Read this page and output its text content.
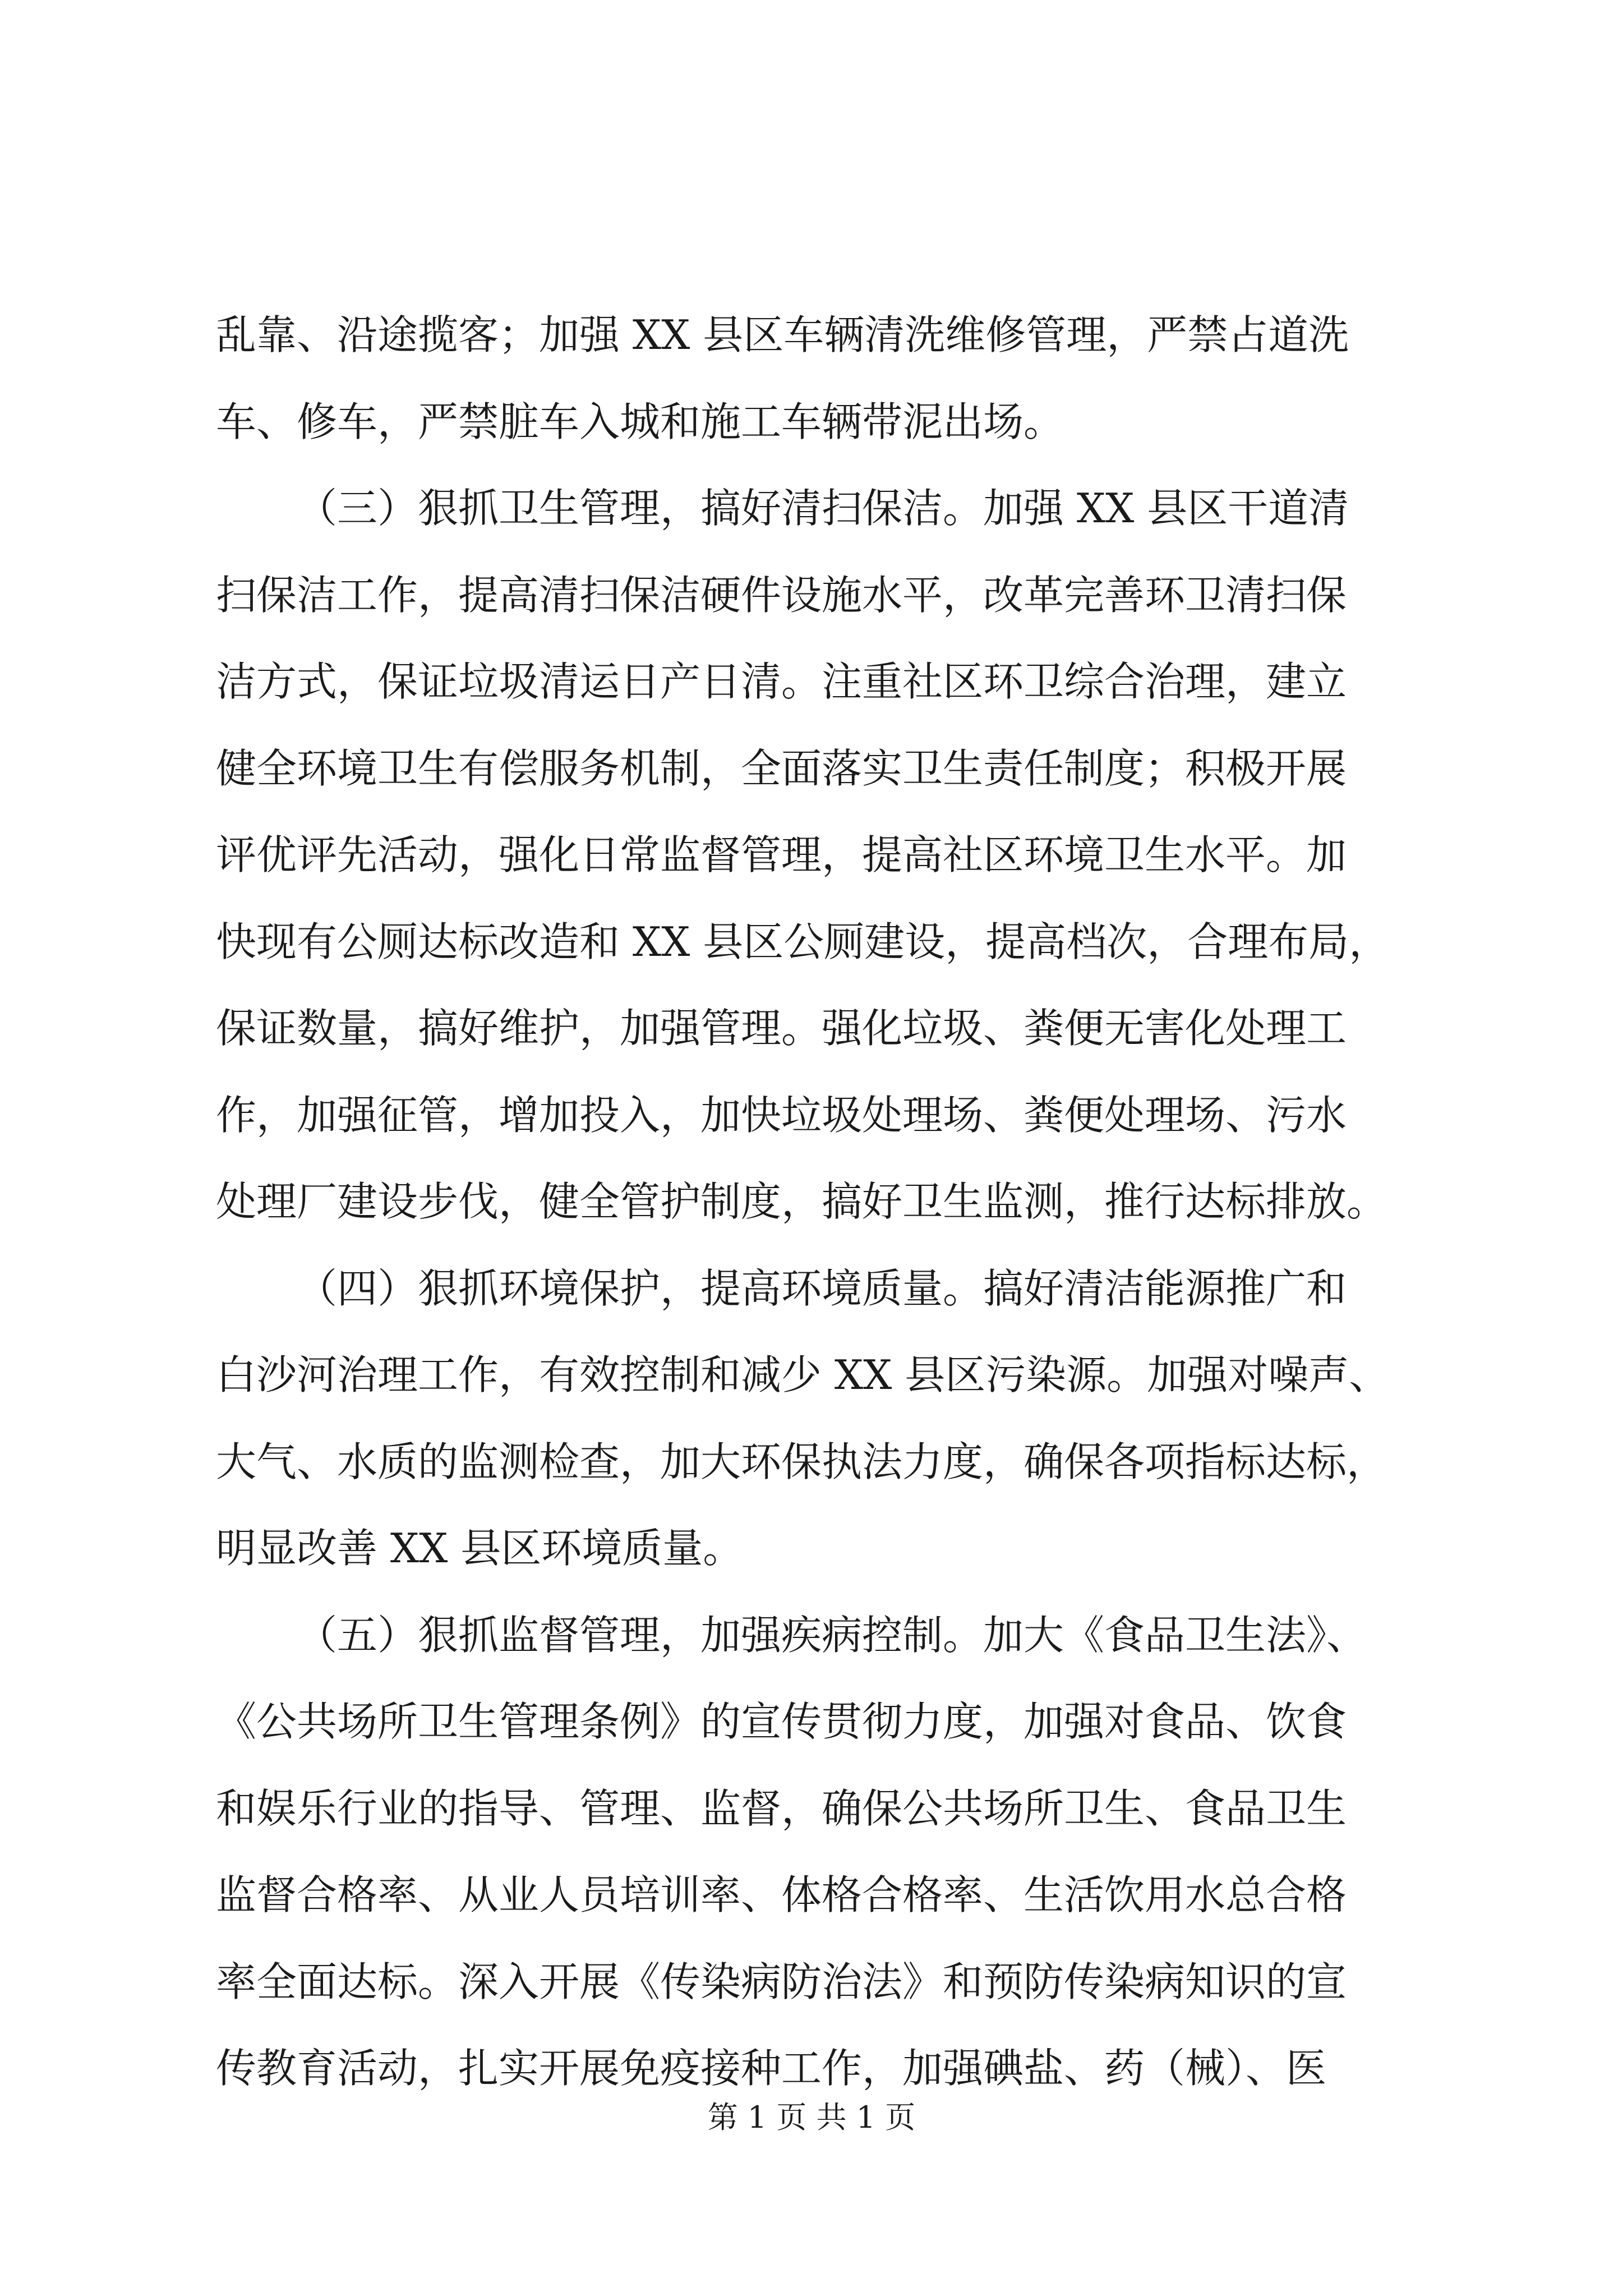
乱靠、沿途揽客；加强 XX 县区车辆清洗维修管理，严禁占道洗
车、修车，严禁脏车入城和施工车辆带泥出场。
（三）狠抓卫生管理，搞好清扫保洁。加强 XX 县区干道清
扫保洁工作，提高清扫保洁硬件设施水平，改革完善环卫清扫保
洁方式，保证垃圾清运日产日清。注重社区环卫综合治理，建立
健全环境卫生有偿服务机制，全面落实卫生责任制度；积极开展
评优评先活动，强化日常监督管理，提高社区环境卫生水平。加
快现有公厕达标改造和 XX 县区公厕建设，提高档次，合理布局，
保证数量，搞好维护，加强管理。强化垃圾、粪便无害化处理工
作，加强征管，增加投入，加快垃圾处理场、粪便处理场、污水
处理厂建设步伐，健全管护制度，搞好卫生监测，推行达标排放。
（四）狠抓环境保护，提高环境质量。搞好清洁能源推广和
白沙河治理工作，有效控制和减少 XX 县区污染源。加强对噪声、
大气、水质的监测检查，加大环保执法力度，确保各项指标达标，
明显改善 XX 县区环境质量。
（五）狠抓监督管理，加强疾病控制。加大《食品卫生法》、
《公共场所卫生管理条例》的宣传贯彻力度，加强对食品、饮食
和娱乐行业的指导、管理、监督，确保公共场所卫生、食品卫生
监督合格率、从业人员培训率、体格合格率、生活饮用水总合格
率全面达标。深入开展《传染病防治法》和预防传染病知识的宣
传教育活动，扎实开展免疫接种工作，加强碘盐、药（械）、医
第 1 页 共 1 页
